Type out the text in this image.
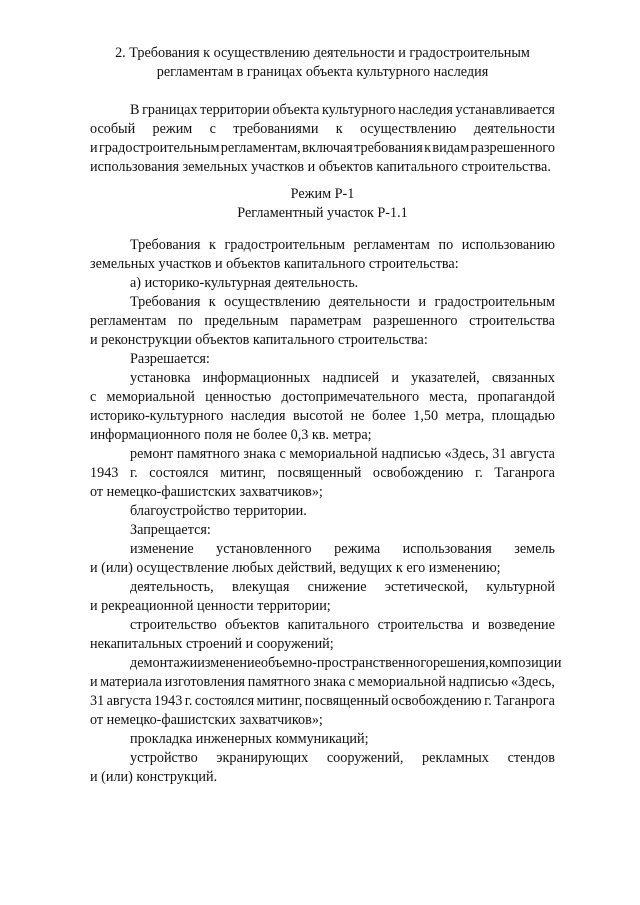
2. Требования к осуществлению деятельности и градостроительным
регламентам в границах объекта культурного наследия
В границах территории объекта культурного наследия устанавливается
особый режим с требованиями к осуществлению деятельности
и градостроительным регламентам, включая требования к видам разрешенного
использования земельных участков и объектов капитального строительства.
Режим Р-1
Регламентный участок Р-1.1
Требования к градостроительным регламентам по использованию
земельных участков и объектов капитального строительства:
а) историко-культурная деятельность.
Требования к осуществлению деятельности и градостроительным
регламентам по предельным параметрам разрешенного строительства
и реконструкции объектов капитального строительства:
Разрешается:
установка информационных надписей и указателей, связанных
с мемориальной ценностью достопримечательного места, пропагандой
историко-культурного наследия высотой не более 1,50 метра, площадью
информационного поля не более 0,3 кв. метра;
ремонт памятного знака с мемориальной надписью «Здесь, 31 августа
1943 г. состоялся митинг, посвященный освобождению г. Таганрога
от немецко-фашистских захватчиков»;
благоустройство территории.
Запрещается:
изменение установленного режима использования земель
и (или) осуществление любых действий, ведущих к его изменению;
деятельность, влекущая снижение эстетической, культурной
и рекреационной ценности территории;
строительство объектов капитального строительства и возведение
некапитальных строений и сооружений;
демонтаж и изменение объемно-пространственного решения, композиции
и материала изготовления памятного знака с мемориальной надписью «Здесь,
31 августа 1943 г. состоялся митинг, посвященный освобождению г. Таганрога
от немецко-фашистских захватчиков»;
прокладка инженерных коммуникаций;
устройство экранирующих сооружений, рекламных стендов
и (или) конструкций.
